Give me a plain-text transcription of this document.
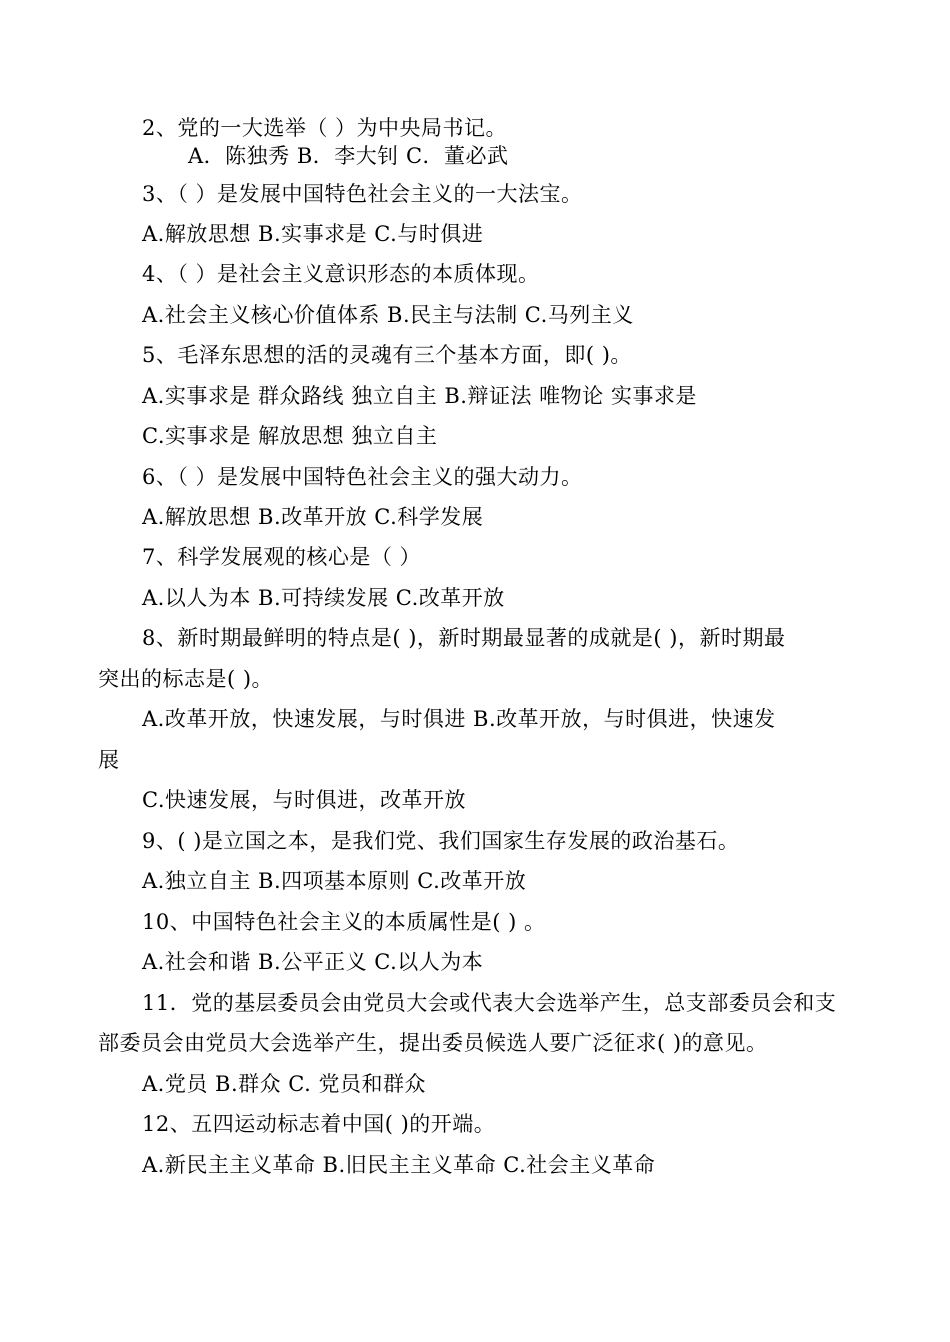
2、党的一大选举（ ）为中央局书记。
A．陈独秀 B．李大钊 C．董必武
3、（ ）是发展中国特色社会主义的一大法宝。
A.解放思想 B.实事求是 C.与时俱进
4、（ ）是社会主义意识形态的本质体现。
A.社会主义核心价值体系 B.民主与法制 C.马列主义
5、毛泽东思想的活的灵魂有三个基本方面，即( )。
A.实事求是 群众路线 独立自主 B.辩证法 唯物论 实事求是
C.实事求是 解放思想 独立自主
6、（ ）是发展中国特色社会主义的强大动力。
A.解放思想 B.改革开放 C.科学发展
7、科学发展观的核心是（ ）
A.以人为本 B.可持续发展 C.改革开放
8、新时期最鲜明的特点是( )，新时期最显著的成就是( )，新时期最
突出的标志是( )。
A.改革开放，快速发展，与时俱进 B.改革开放，与时俱进，快速发
展
C.快速发展，与时俱进，改革开放
9、( )是立国之本，是我们党、我们国家生存发展的政治基石。
A.独立自主 B.四项基本原则 C.改革开放
10、中国特色社会主义的本质属性是( ) 。
A.社会和谐 B.公平正义 C.以人为本
11．党的基层委员会由党员大会或代表大会选举产生，总支部委员会和支
部委员会由党员大会选举产生，提出委员候选人要广泛征求( )的意见。
A.党员 B.群众 C. 党员和群众
12、五四运动标志着中国( )的开端。
A.新民主主义革命 B.旧民主主义革命 C.社会主义革命
